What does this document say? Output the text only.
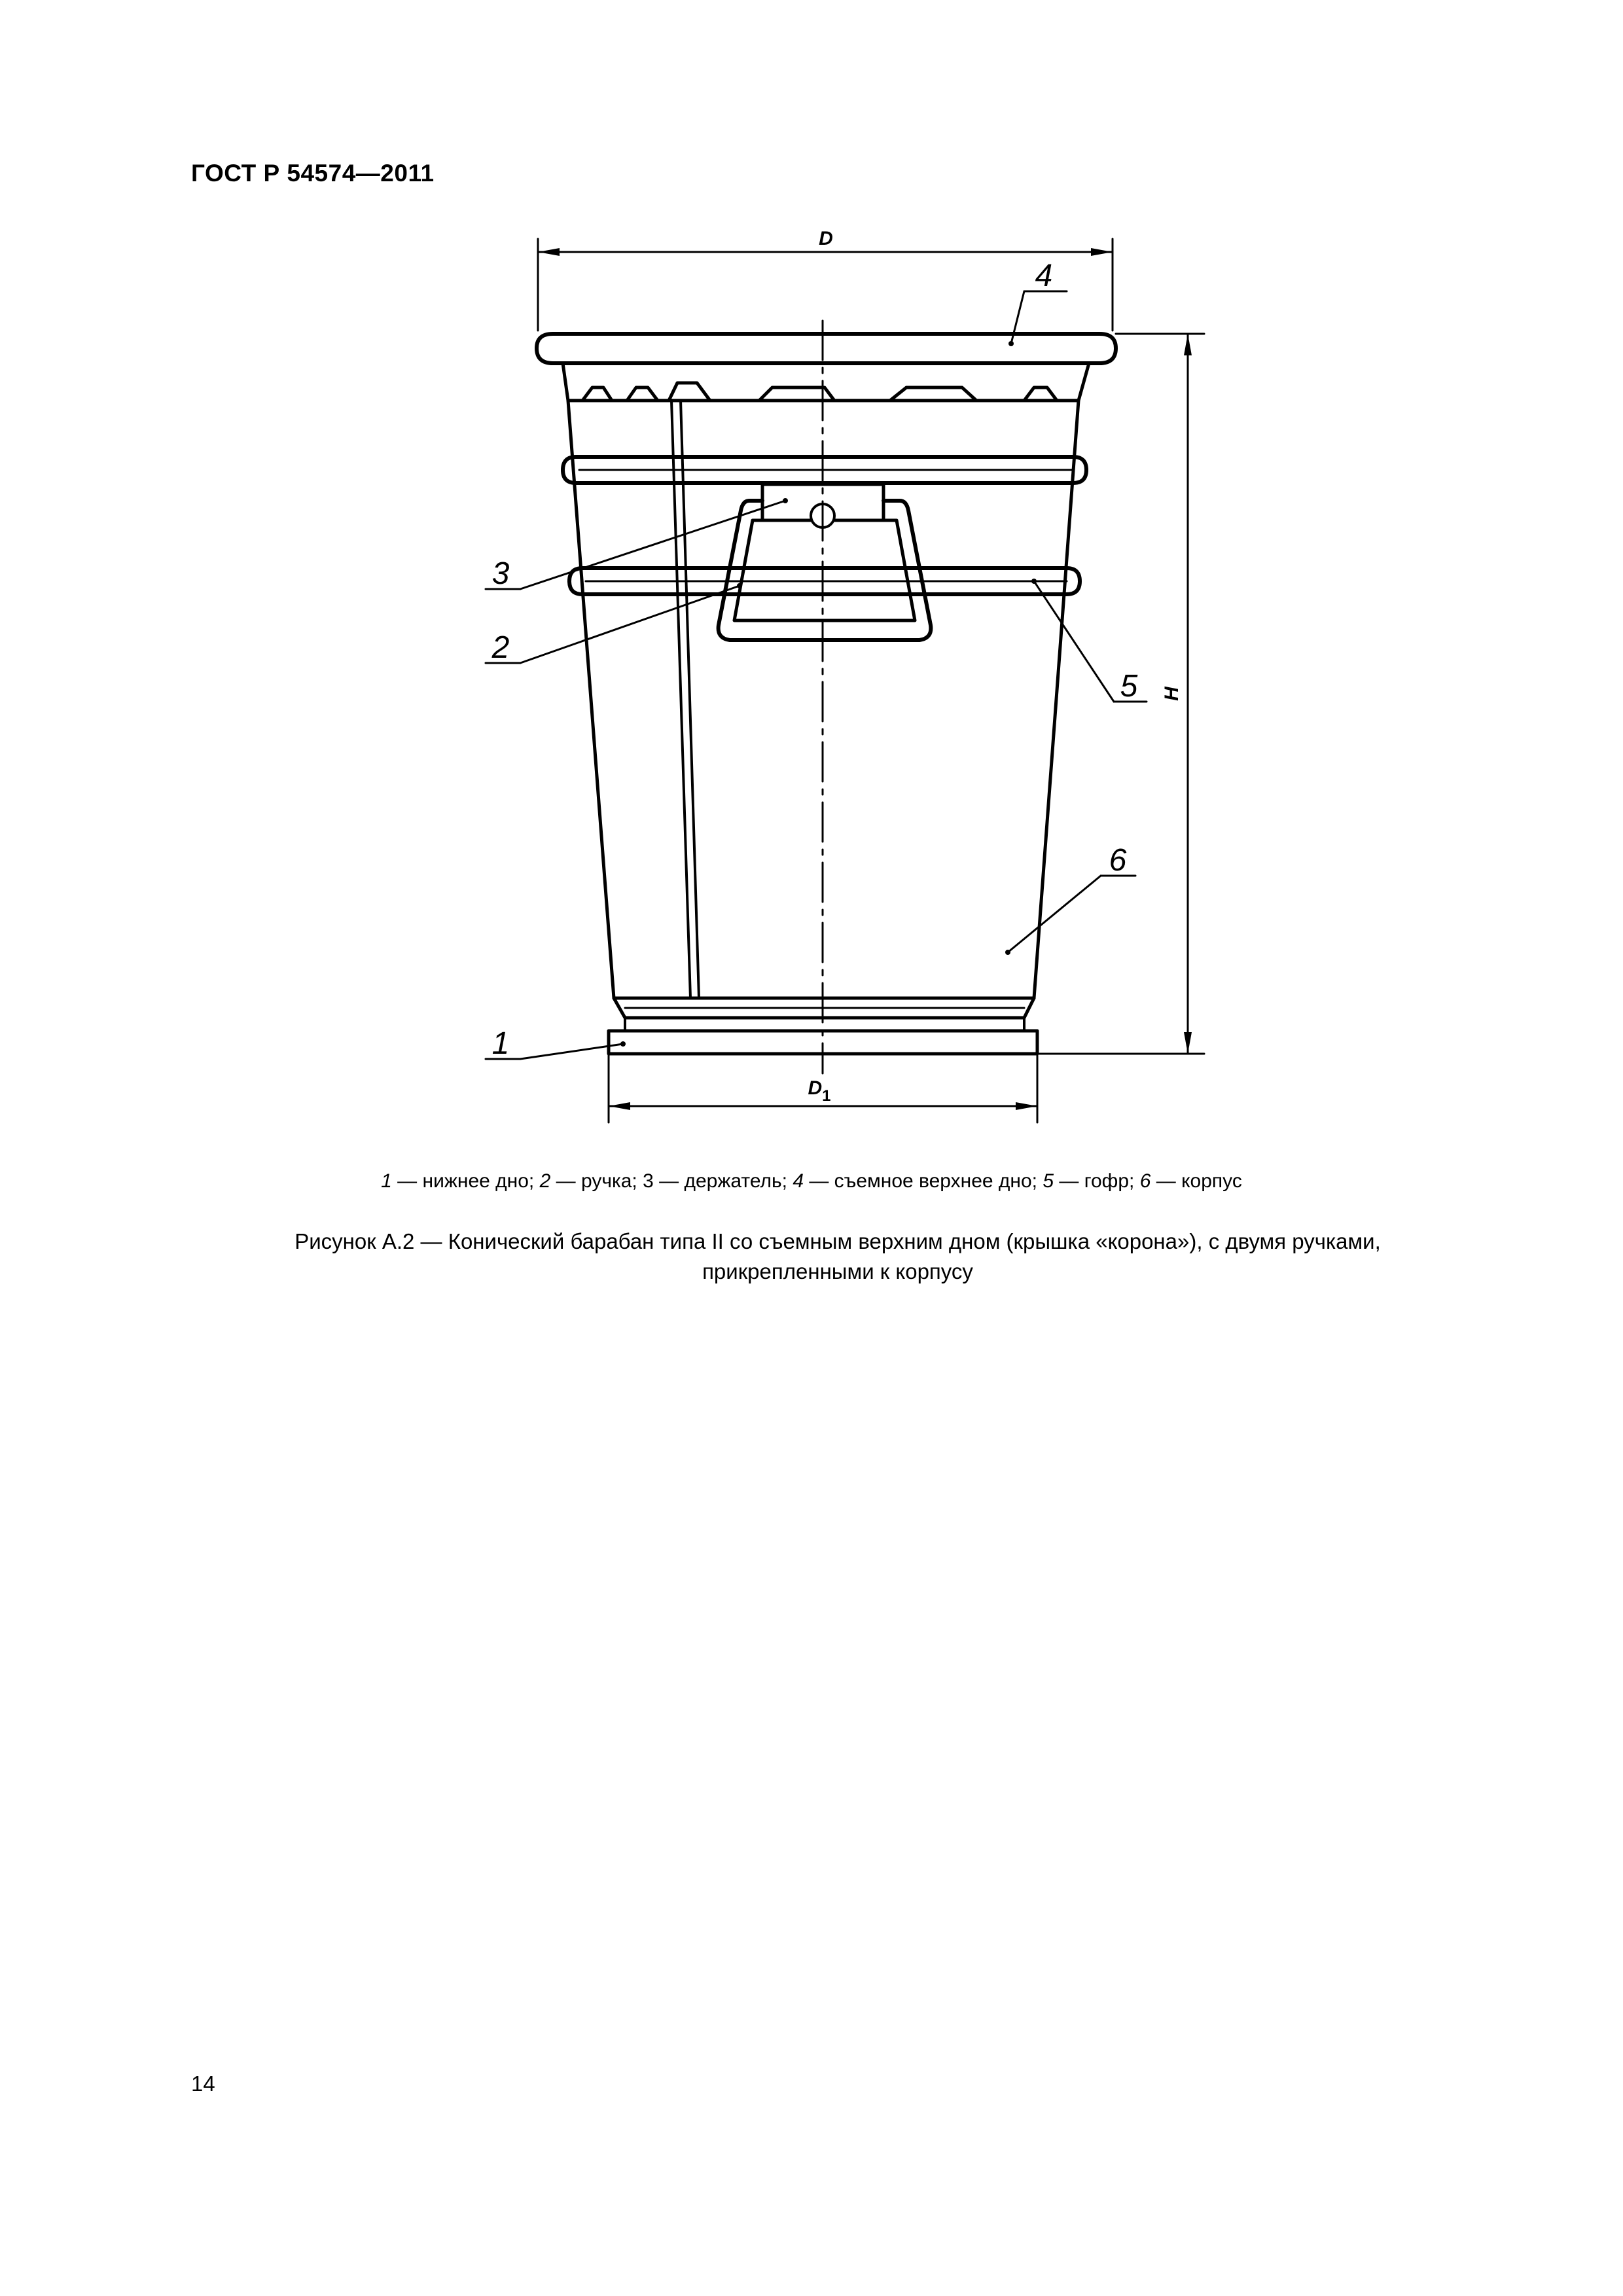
ГОСТ Р 54574—2011
D
$D_1$
H
4
3
2
5
6
1
1 — нижнее дно; 2 — ручка; 3 — держатель; 4 — съемное верхнее дно; 5 — гофр; 6 — корпус
Рисунок А.2 — Конический барабан типа II со съемным верхним дном (крышка «корона»), с двумя ручками,
прикрепленными к корпусу
14
